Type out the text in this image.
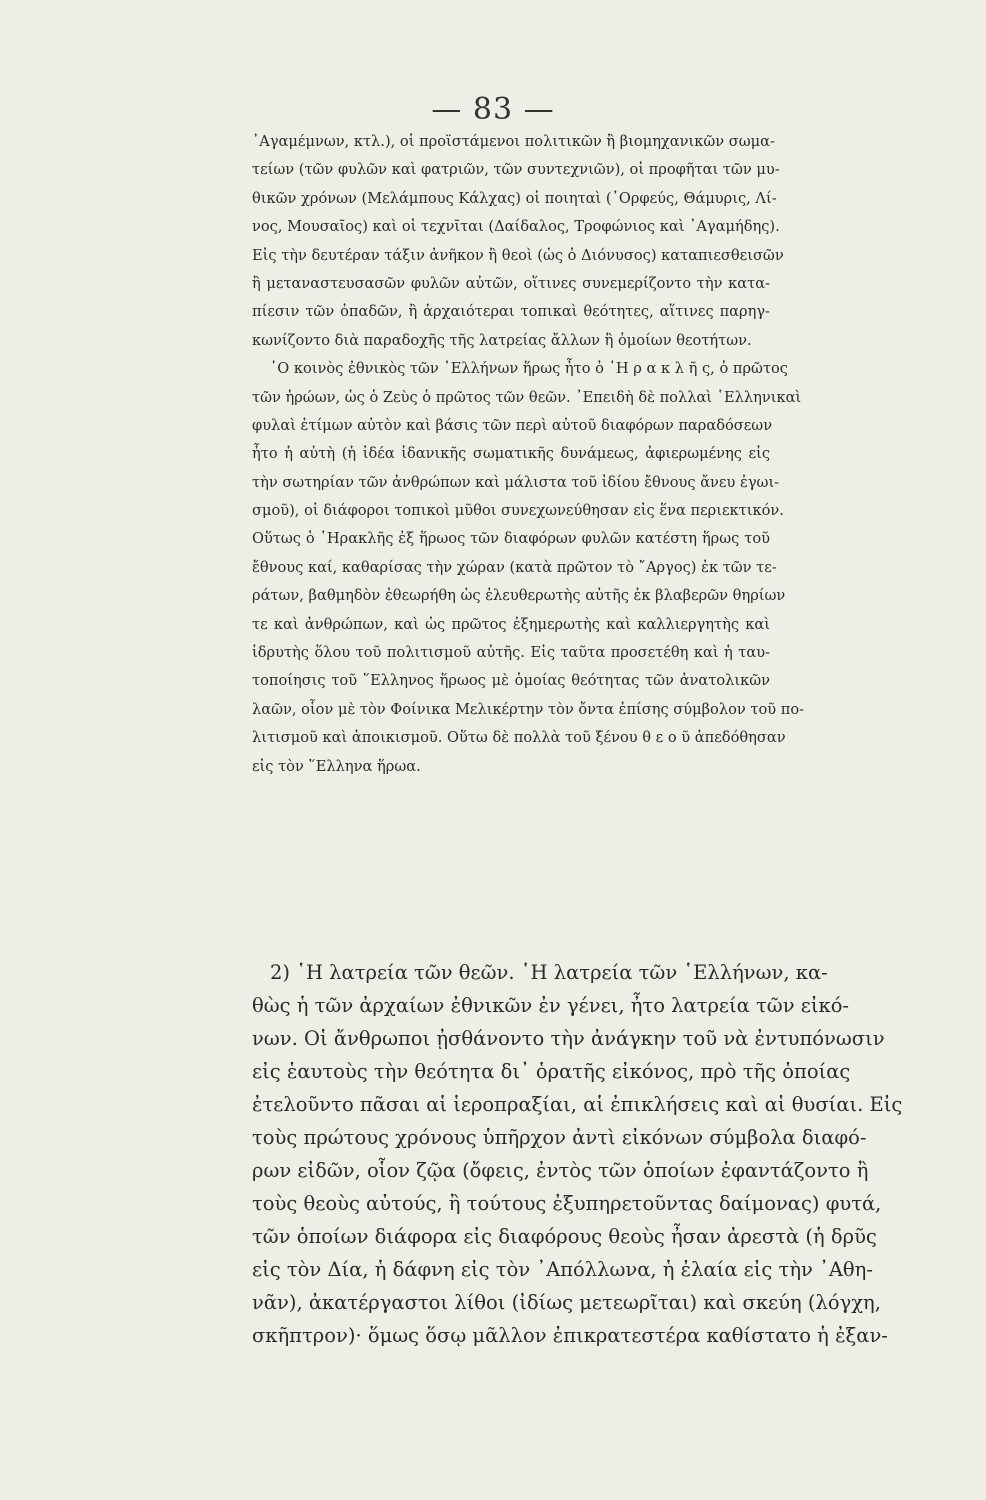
— 83 —
᾿Αγαμέμνων, κτλ.), οἱ προϊστάμενοι πολιτικῶν ἢ βιομηχανικῶν σωμα-
τείων (τῶν φυλῶν καὶ φατριῶν, τῶν συντεχνιῶν), οἱ προφῆται τῶν μυ-
θικῶν χρόνων (Μελάμπους Κάλχας) οἱ ποιηταὶ (᾿Ορφεύς, Θάμυρις, Λί-
νος, Μουσαῖος) καὶ οἱ τεχνῖται (Δαίδαλος, Τροφώνιος καὶ ᾿Αγαμήδης).
Εἰς τὴν δευτέραν τάξιν ἀνῆκον ἢ θεοὶ (ὡς ὁ Διόνυσος) καταπιεσθεισῶν
ἢ μεταναστευσασῶν φυλῶν αὐτῶν, οἵτινες συνεμερίζοντο τὴν κατα-
πίεσιν τῶν ὀπαδῶν, ἢ ἀρχαιότεραι τοπικαὶ θεότητες, αἵτινες παρηγ-
κωνίζοντο διὰ παραδοχῆς τῆς λατρείας ἄλλων ἢ ὁμοίων θεοτήτων.
῾Ο κοινὸς ἐθνικὸς τῶν ῾Ελλήνων ἥρως ἦτο ὁ ῾Η ρ α κ λ ῆ ς, ὁ πρῶτος
τῶν ἡρώων, ὡς ὁ Ζεὺς ὁ πρῶτος τῶν θεῶν. ᾿Επειδὴ δὲ πολλαὶ ῾Ελληνικαὶ
φυλαὶ ἐτίμων αὐτὸν καὶ βάσις τῶν περὶ αὐτοῦ διαφόρων παραδόσεων
ἦτο ἡ αὐτὴ (ἡ ἰδέα ἰδανικῆς σωματικῆς δυνάμεως, ἀφιερωμένης εἰς
τὴν σωτηρίαν τῶν ἀνθρώπων καὶ μάλιστα τοῦ ἰδίου ἔθνους ἄνευ ἐγωι-
σμοῦ), οἱ διάφοροι τοπικοὶ μῦθοι συνεχωνεύθησαν εἰς ἕνα περιεκτικόν.
Οὕτως ὁ ῾Ηρακλῆς ἐξ ἥρωος τῶν διαφόρων φυλῶν κατέστη ἥρως τοῦ
ἔθνους καί, καθαρίσας τὴν χώραν (κατὰ πρῶτον τὸ ῎Αργος) ἐκ τῶν τε-
ράτων, βαθμηδὸν ἐθεωρήθη ὡς ἐλευθερωτὴς αὐτῆς ἐκ βλαβερῶν θηρίων
τε καὶ ἀνθρώπων, καὶ ὡς πρῶτος ἐξημερωτὴς καὶ καλλιεργητὴς καὶ
ἱδρυτὴς ὅλου τοῦ πολιτισμοῦ αὐτῆς. Εἰς ταῦτα προσετέθη καὶ ἡ ταυ-
τοποίησις τοῦ ῞Ελληνος ἥρωος μὲ ὁμοίας θεότητας τῶν ἀνατολικῶν
λαῶν, οἷον μὲ τὸν Φοίνικα Μελικέρτην τὸν ὄντα ἐπίσης σύμβολον τοῦ πο-
λιτισμοῦ καὶ ἀποικισμοῦ. Οὕτω δὲ πολλὰ τοῦ ξένου θ ε ο ῦ ἀπεδόθησαν
εἰς τὸν ῞Ελληνα ἥρωα.
2) ῾Η λατρεία τῶν θεῶν. ῾Η λατρεία τῶν ῾Ελλήνων, κα-
θὼς ἡ τῶν ἀρχαίων ἐθνικῶν ἐν γένει, ἦτο λατρεία τῶν εἰκό-
νων. Οἱ ἄνθρωποι ᾐσθάνοντο τὴν ἀνάγκην τοῦ νὰ ἐντυπόνωσιν
εἰς ἑαυτοὺς τὴν θεότητα δι᾿ ὁρατῆς εἰκόνος, πρὸ τῆς ὁποίας
ἐτελοῦντο πᾶσαι αἱ ἱεροπραξίαι, αἱ ἐπικλήσεις καὶ αἱ θυσίαι. Εἰς
τοὺς πρώτους χρόνους ὑπῆρχον ἀντὶ εἰκόνων σύμβολα διαφό-
ρων εἰδῶν, οἷον ζῷα (ὄφεις, ἐντὸς τῶν ὁποίων ἐφαντάζοντο ἢ
τοὺς θεοὺς αὐτούς, ἢ τούτους ἐξυπηρετοῦντας δαίμονας) φυτά,
τῶν ὁποίων διάφορα εἰς διαφόρους θεοὺς ἦσαν ἀρεστὰ (ἡ δρῦς
εἰς τὸν Δία, ἡ δάφνη εἰς τὸν ᾿Απόλλωνα, ἡ ἐλαία εἰς τὴν ᾿Αθη-
νᾶν), ἀκατέργαστοι λίθοι (ἰδίως μετεωρῖται) καὶ σκεύη (λόγχη,
σκῆπτρον)· ὅμως ὅσῳ μᾶλλον ἐπικρατεστέρα καθίστατο ἡ ἐξαν-
